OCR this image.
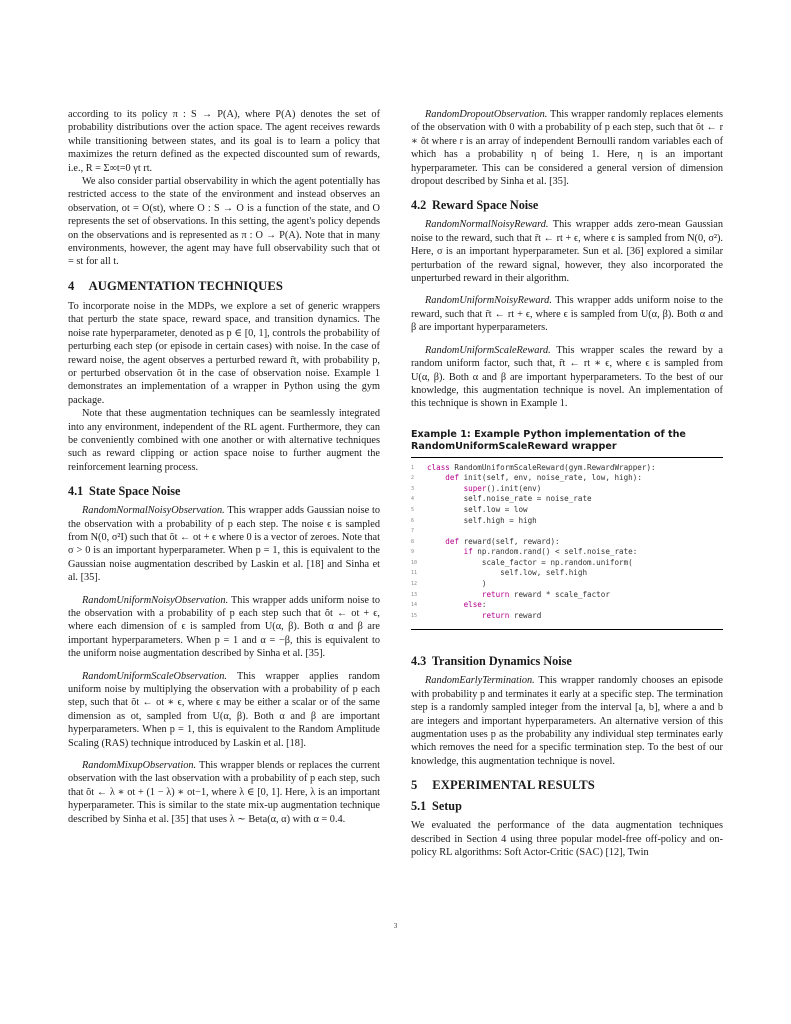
according to its policy π : S → P(A), where P(A) denotes the set of probability distributions over the action space. The agent receives rewards while transitioning between states, and its goal is to learn a policy that maximizes the return defined as the expected discounted sum of rewards, i.e., R = Σ∞t=0 γt rt.

We also consider partial observability in which the agent potentially has restricted access to the state of the environment and instead observes an observation, ot = O(st), where O : S → O is a function of the state, and O represents the set of observations. In this setting, the agent's policy depends on the observations and is represented as π : O → P(A). Note that in many environments, however, the agent may have full observability such that ot = st for all t.

4 AUGMENTATION TECHNIQUES

To incorporate noise in the MDPs, we explore a set of generic wrappers that perturb the state space, reward space, and transition dynamics. The noise rate hyperparameter, denoted as p ∈ [0, 1], controls the probability of perturbing each step (or episode in certain cases) with noise. In the case of reward noise, the agent observes a perturbed reward r̃t, with probability p, or perturbed observation õt in the case of observation noise. Example 1 demonstrates an implementation of a wrapper in Python using the gym package.

Note that these augmentation techniques can be seamlessly integrated into any environment, independent of the RL agent. Furthermore, they can be conveniently combined with one another or with alternative techniques such as reward clipping or action space noise to further augment the reinforcement learning process.

4.1 State Space Noise

RandomNormalNoisyObservation. This wrapper adds Gaussian noise to the observation with a probability of p each step. The noise ϵ is sampled from N(0, σ²I) such that õt ← ot + ϵ where 0 is a vector of zeroes. Note that σ > 0 is an important hyperparameter. When p = 1, this is equivalent to the Gaussian noise augmentation described by Laskin et al. [18] and Sinha et al. [35].

RandomUniformNoisyObservation. This wrapper adds uniform noise to the observation with a probability of p each step such that õt ← ot + ϵ, where each dimension of ϵ is sampled from U(α, β). Both α and β are important hyperparameters. When p = 1 and α = −β, this is equivalent to the uniform noise augmentation described by Sinha et al. [35].

RandomUniformScaleObservation. This wrapper applies random uniform noise by multiplying the observation with a probability of p each step, such that õt ← ot ∗ ϵ, where ϵ may be either a scalar or of the same dimension as ot, sampled from U(α, β). Both α and β are important hyperparameters. When p = 1, this is equivalent to the Random Amplitude Scaling (RAS) technique introduced by Laskin et al. [18].

RandomMixupObservation. This wrapper blends or replaces the current observation with the last observation with a probability of p each step, such that õt ← λ ∗ ot + (1 − λ) ∗ ot−1, where λ ∈ [0, 1]. Here, λ is an important hyperparameter. This is similar to the state mix-up augmentation technique described by Sinha et al. [35] that uses λ ∼ Beta(α, α) with α = 0.4.

RandomDropoutObservation. This wrapper randomly replaces elements of the observation with 0 with a probability of p each step, such that õt ← r ∗ õt where r is an array of independent Bernoulli random variables each of which has a probability η of being 1. Here, η is an important hyperparameter. This can be considered a general version of dimension dropout described by Sinha et al. [35].

4.2 Reward Space Noise

RandomNormalNoisyReward. This wrapper adds zero-mean Gaussian noise to the reward, such that r̃t ← rt + ϵ, where ϵ is sampled from N(0, σ²). Here, σ is an important hyperparameter. Sun et al. [36] explored a similar perturbation of the reward signal, however, they also incorporated the unperturbed reward in their algorithm.

RandomUniformNoisyReward. This wrapper adds uniform noise to the reward, such that r̃t ← rt + ϵ, where ϵ is sampled from U(α, β). Both α and β are important hyperparameters.

RandomUniformScaleReward. This wrapper scales the reward by a random uniform factor, such that, r̃t ← rt ∗ ϵ, where ϵ is sampled from U(α, β). Both α and β are important hyperparameters. To the best of our knowledge, this augmentation technique is novel. An implementation of this technique is shown in Example 1.

Example 1: Example Python implementation of the RandomUniformScaleReward wrapper
1	class RandomUniformScaleReward(gym.RewardWrapper):
2
	def init(self, env, noise_rate, low, high):
3
	super ().init(env)
4
	self.noise_rate = noise_rate
5
	self.low = low
6
	self.high = high
7
8
	def reward(self, reward):
9
	if np.random.rand() < self.noise_rate:
10
	scale_factor = np.random.uniform(
11
	self.low, self.high
12
	)
13
	return reward * scale_factor
14
	else :
15
	return reward
4.3 Transition Dynamics Noise

RandomEarlyTermination. This wrapper randomly chooses an episode with probability p and terminates it early at a specific step. The termination step is a randomly sampled integer from the interval [a, b], where a and b are integers and important hyperparameters. An alternative version of this augmentation uses p as the probability any individual step terminates early which removes the need for a specific termination step. To the best of our knowledge, this augmentation technique is novel.

5 EXPERIMENTAL RESULTS
5.1 Setup

We evaluated the performance of the data augmentation techniques described in Section 4 using three popular model-free off-policy and on-policy RL algorithms: Soft Actor-Critic (SAC) [12], Twin

3
